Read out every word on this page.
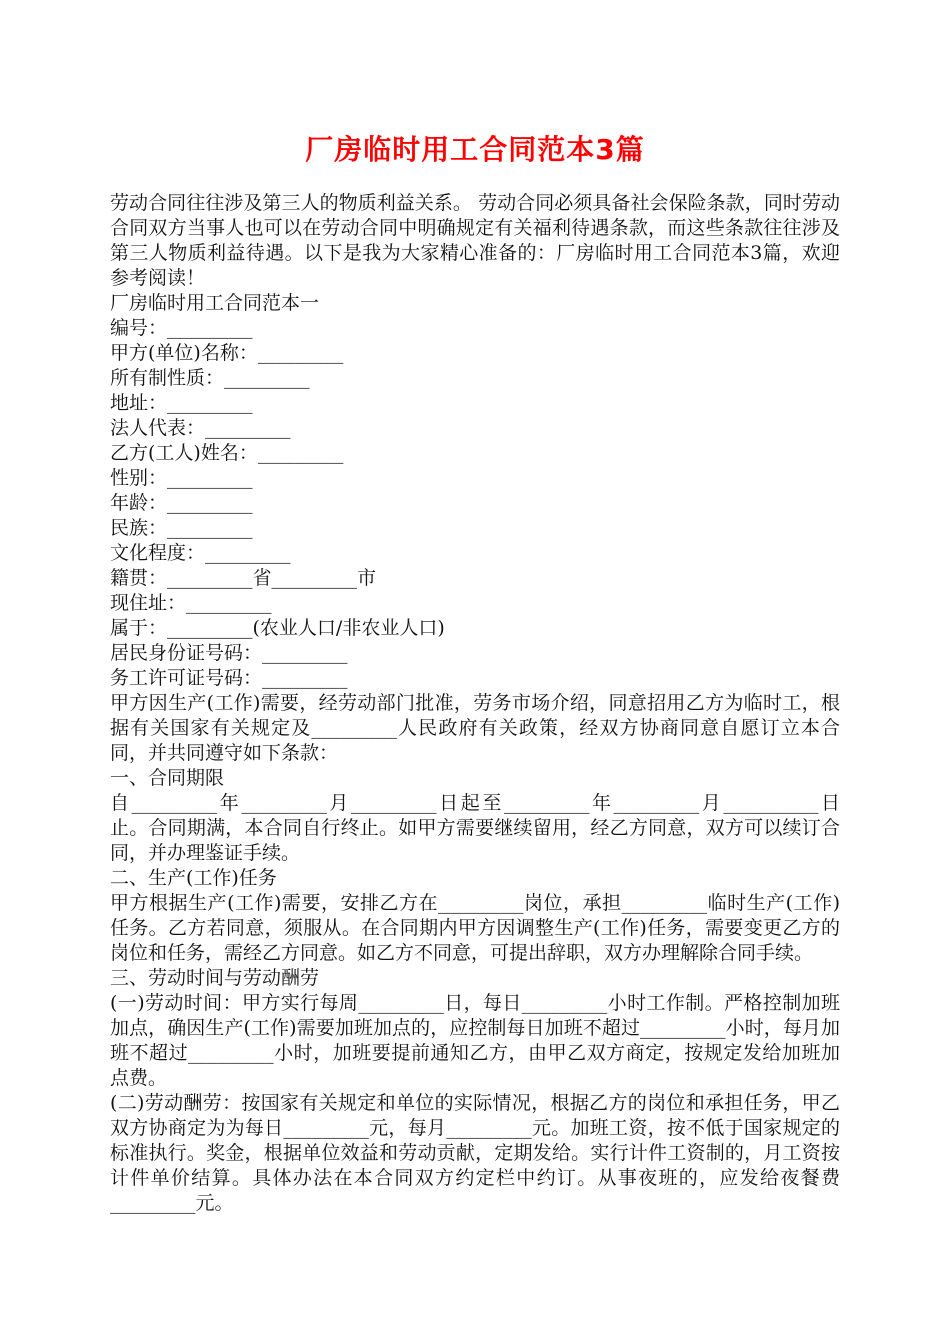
厂房临时用工合同范本3篇
劳动合同往往涉及第三人的物质利益关系。 劳动合同必须具备社会保险条款，同时劳动合同双方当事人也可以在劳动合同中明确规定有关福利待遇条款，而这些条款往往涉及第三人物质利益待遇。以下是我为大家精心准备的：厂房临时用工合同范本3篇，欢迎参考阅读！
厂房临时用工合同范本一
编号：_________
甲方(单位)名称：_________
所有制性质：_________
地址：_________
法人代表：_________
乙方(工人)姓名：_________
性别：_________
年龄：_________
民族：_________
文化程度：_________
籍贯：_________省_________市
现住址：_________
属于：_________(农业人口/非农业人口)
居民身份证号码：_________
务工许可证号码：_________
甲方因生产(工作)需要，经劳动部门批准，劳务市场介绍，同意招用乙方为临时工，根据有关国家有关规定及_________人民政府有关政策，经双方协商同意自愿订立本合同，并共同遵守如下条款：
一、合同期限
自_________年_________月_________日起至_________年_________月__________日止。合同期满，本合同自行终止。如甲方需要继续留用，经乙方同意，双方可以续订合同，并办理鉴证手续。
二、生产(工作)任务
甲方根据生产(工作)需要，安排乙方在_________岗位，承担_________临时生产(工作)任务。乙方若同意，须服从。在合同期内甲方因调整生产(工作)任务，需要变更乙方的岗位和任务，需经乙方同意。如乙方不同意，可提出辞职，双方办理解除合同手续。
三、劳动时间与劳动酬劳
(一)劳动时间：甲方实行每周_________日，每日_________小时工作制。严格控制加班加点，确因生产(工作)需要加班加点的，应控制每日加班不超过_________小时，每月加班不超过_________小时，加班要提前通知乙方，由甲乙双方商定，按规定发给加班加点费。
(二)劳动酬劳：按国家有关规定和单位的实际情况，根据乙方的岗位和承担任务，甲乙双方协商定为为每日_________元，每月_________元。加班工资，按不低于国家规定的标准执行。奖金，根据单位效益和劳动贡献，定期发给。实行计件工资制的，月工资按计件单价结算。具体办法在本合同双方约定栏中约订。从事夜班的，应发给夜餐费_________元。
